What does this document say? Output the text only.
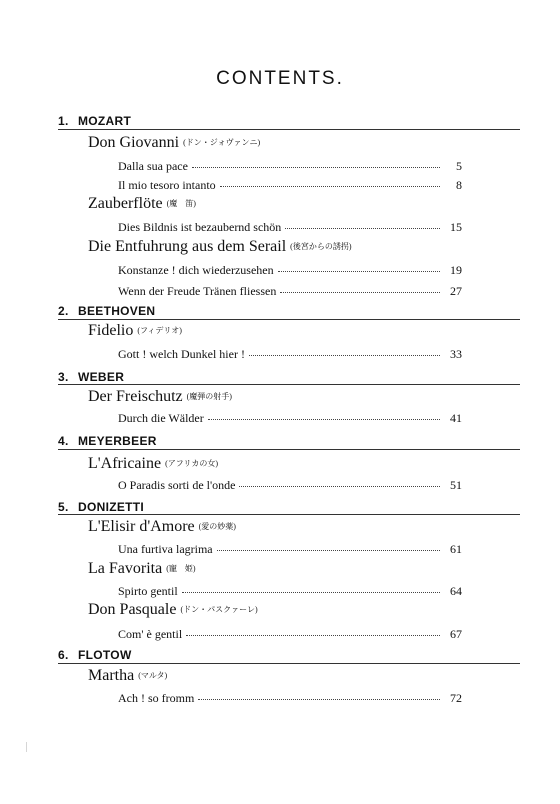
CONTENTS.
1. MOZART
Don Giovanni (ドン・ジォヴァンニ)
Dalla sua pace	5
Il mio tesoro intanto	8
Zauberflöte (魔　笛)
Dies Bildnis ist bezaubernd schön	15
Die Entfuhrung aus dem Serail (後宮からの誘拐)
Konstanze ! dich wiederzusehen	19
Wenn der Freude Tränen fliessen	27
2. BEETHOVEN
Fidelio (フィデリオ)
Gott ! welch Dunkel hier !	33
3. WEBER
Der Freischutz (魔弾の射手)
Durch die Wälder	41
4. MEYERBEER
L'Africaine (アフリカの女)
O Paradis sorti de l'onde	51
5. DONIZETTI
L'Elisir d'Amore (愛の妙薬)
Una furtiva lagrima	61
La Favorita (寵　姫)
Spirto gentil	64
Don Pasquale (ドン・パスクァーレ)
Com' è gentil	67
6. FLOTOW
Martha (マルタ)
Ach ! so fromm	72
